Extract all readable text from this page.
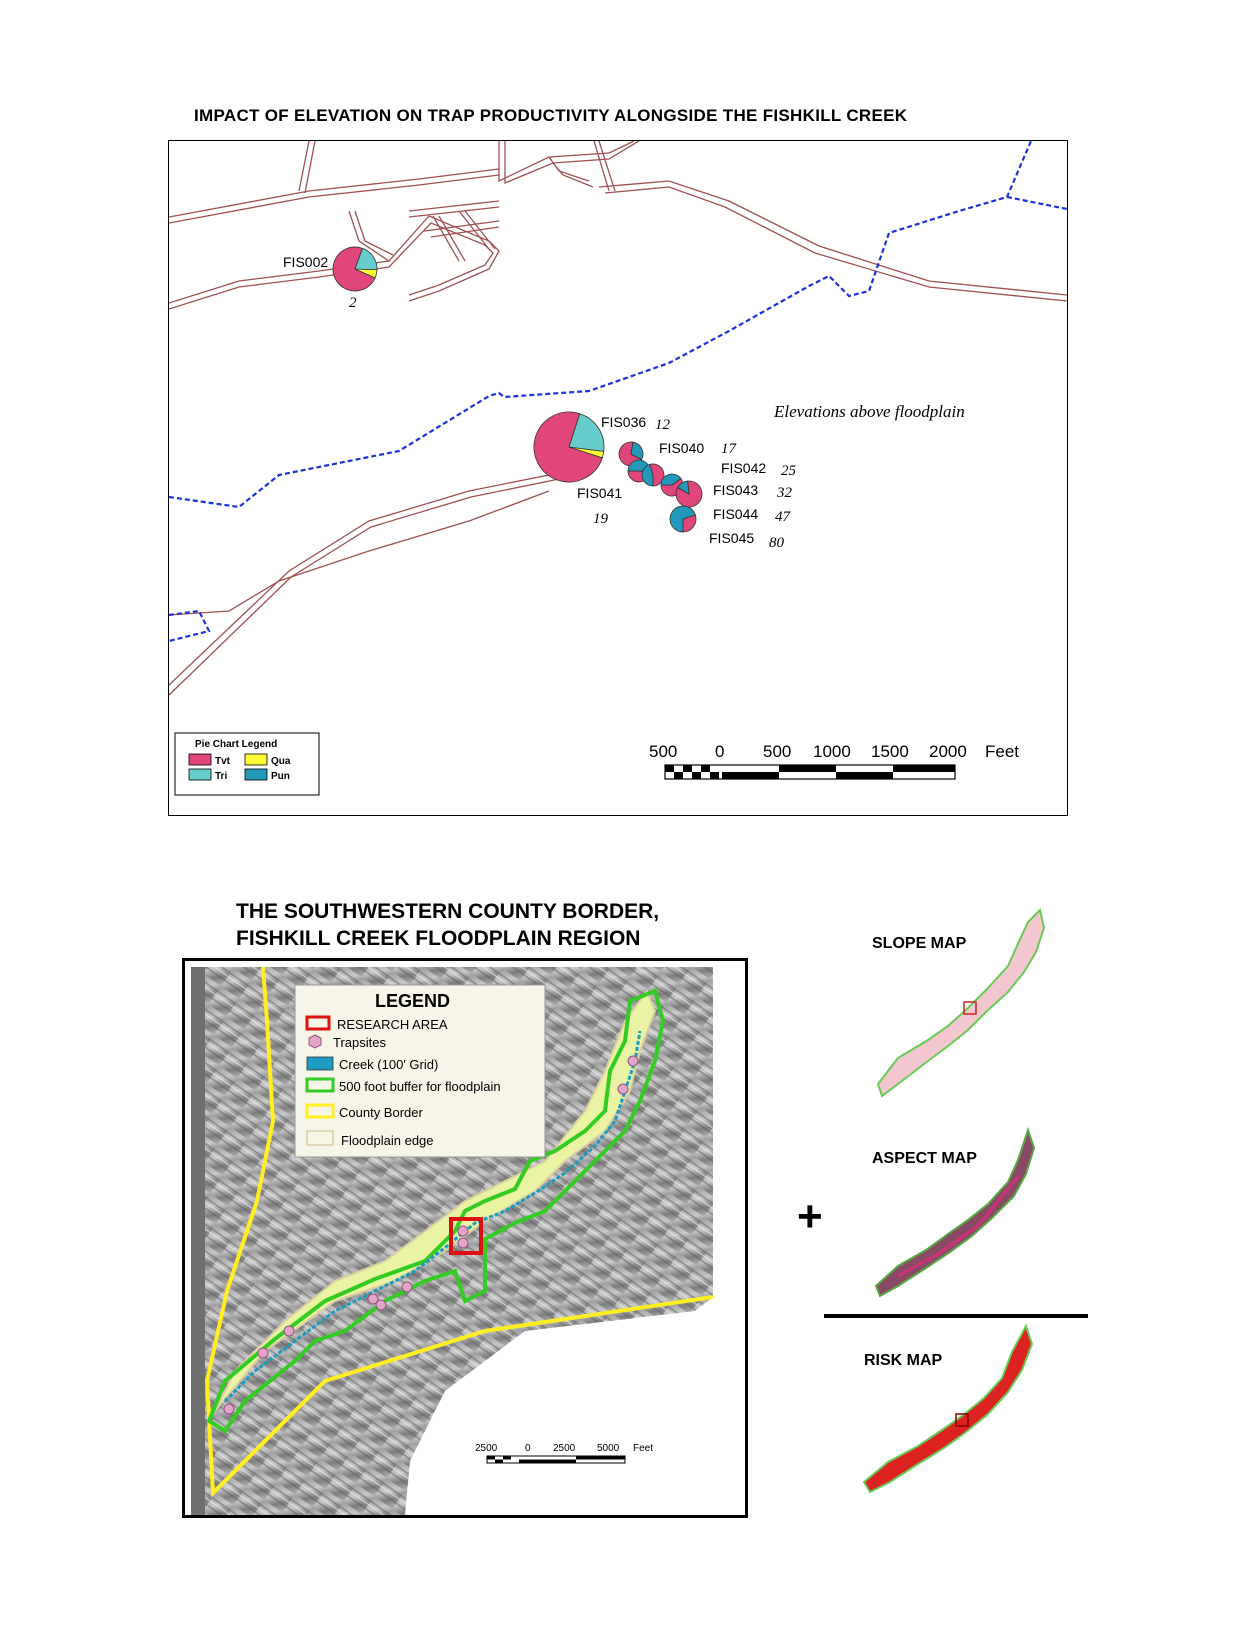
IMPACT OF ELEVATION ON TRAP PRODUCTIVITY ALONGSIDE THE FISHKILL CREEK
FIS002
2
FIS036 12
FIS040 17
FIS041
19
FIS042 25
FIS043 32
FIS044 47
FIS045 80
Elevations above floodplain
Pie Chart Legend
Tvt	Qua
Tri	Pun
500 0 500 1000 1500 2000 Feet
THE SOUTHWESTERN COUNTY BORDER,
FISHKILL CREEK FLOODPLAIN REGION
LEGEND
RESEARCH AREA
Trapsites
Creek (100' Grid)
500 foot buffer for floodplain
County Border
Floodplain edge
2500	0 2500 5000 Feet
SLOPE MAP
ASPECT MAP
+
RISK MAP
